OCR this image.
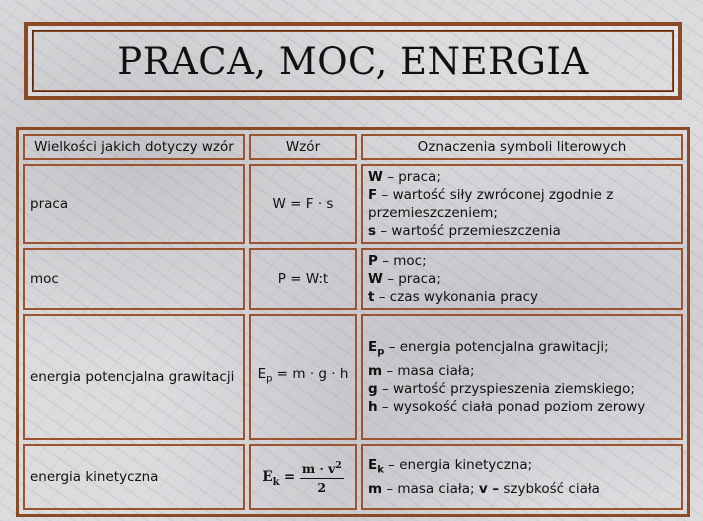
PRACA, MOC, ENERGIA
Wielkości jakich dotyczy wzór	Wzór	Oznaczenia symboli literowych
praca	W = F · s	W – praca;
F – wartość siły zwróconej zgodnie z przemieszczeniem;
s – wartość przemieszczenia
moc	P = W:t	P – moc;
W – praca;
t – czas wykonania pracy
energia potencjalna grawitacji	$E_p = m \cdot g \cdot h$	$E_p$ – energia potencjalna grawitacji;
m – masa ciała;
g – wartość przyspieszenia ziemskiego;
h – wysokość ciała ponad poziom zerowy
energia kinetyczna	$E_k = \frac{m \cdot v^2}{2}$	$E_k$ – energia kinetyczna;
m – masa ciała; v – szybkość ciała
